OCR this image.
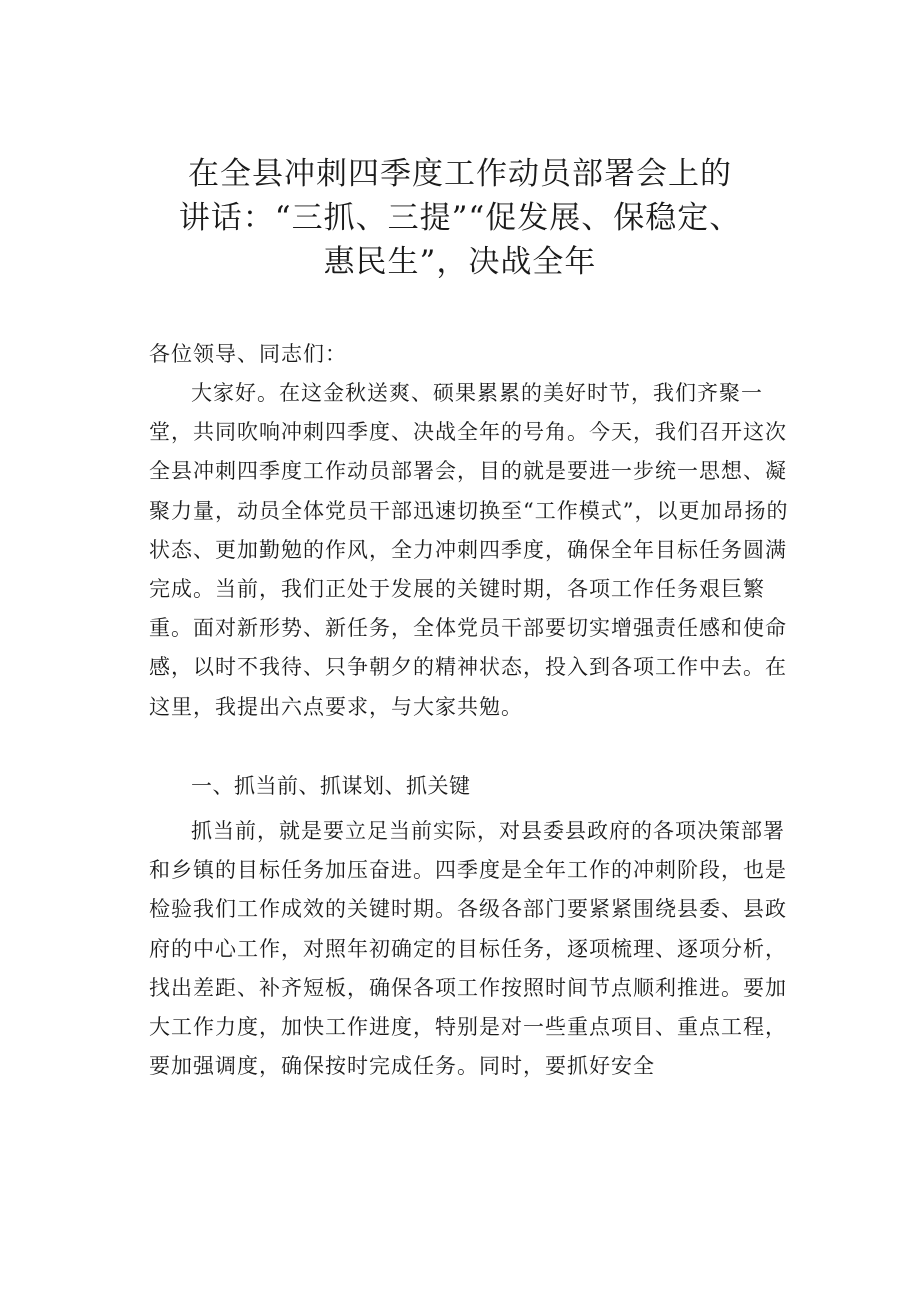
在全县冲刺四季度工作动员部署会上的
讲话：“三抓、三提”“促发展、保稳定、
惠民生”，决战全年
各位领导、同志们：

大家好。在这金秋送爽、硕果累累的美好时节，我们齐聚一堂，共同吹响冲刺四季度、决战全年的号角。今天，我们召开这次全县冲刺四季度工作动员部署会，目的就是要进一步统一思想、凝聚力量，动员全体党员干部迅速切换至“工作模式”，以更加昂扬的状态、更加勤勉的作风，全力冲刺四季度，确保全年目标任务圆满完成。当前，我们正处于发展的关键时期，各项工作任务艰巨繁重。面对新形势、新任务，全体党员干部要切实增强责任感和使命感，以时不我待、只争朝夕的精神状态，投入到各项工作中去。在这里，我提出六点要求，与大家共勉。

一、抓当前、抓谋划、抓关键

抓当前，就是要立足当前实际，对县委县政府的各项决策部署和乡镇的目标任务加压奋进。四季度是全年工作的冲刺阶段，也是检验我们工作成效的关键时期。各级各部门要紧紧围绕县委、县政府的中心工作，对照年初确定的目标任务，逐项梳理、逐项分析，找出差距、补齐短板，确保各项工作按照时间节点顺利推进。要加大工作力度，加快工作进度，特别是对一些重点项目、重点工程，要加强调度，确保按时完成任务。同时，要抓好安全
